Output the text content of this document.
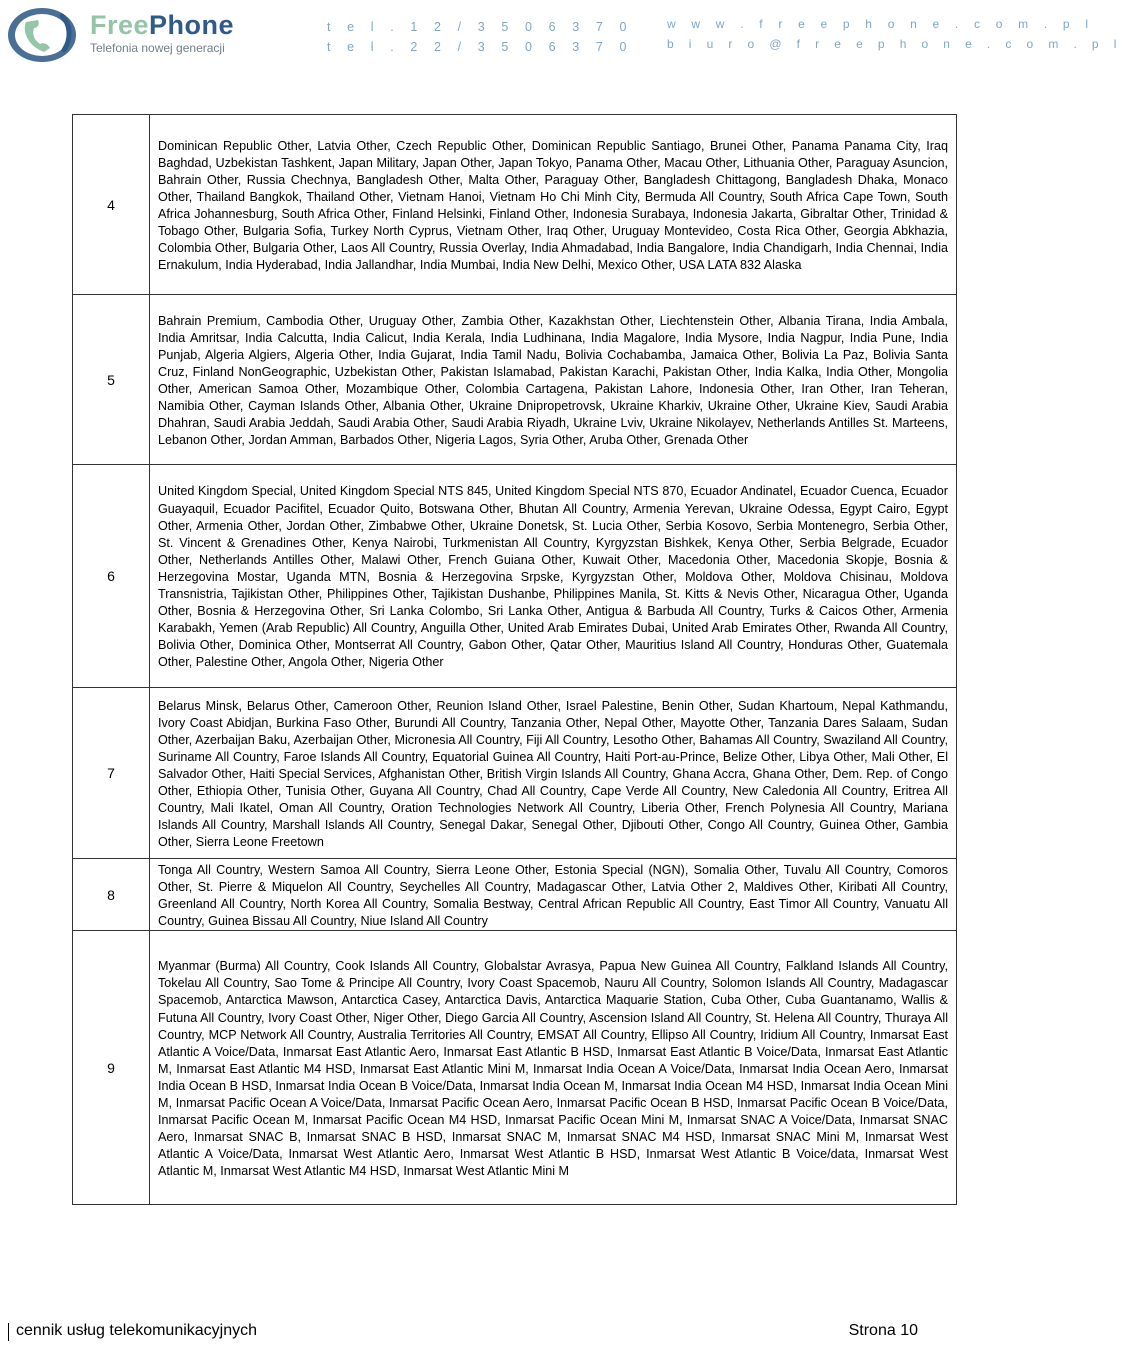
FreePhone
Telefonia nowej generacji
t e l . 1 2 / 3 5 0 6 3 7 0
t e l . 2 2 / 3 5 0 6 3 7 0
w w w . f r e e p h o n e . c o m . p l
b i u r o @ f r e e p h o n e . c o m . p l
4	Dominican Republic Other, Latvia Other, Czech Republic Other, Dominican Republic Santiago, Brunei Other, Panama Panama City, Iraq Baghdad, Uzbekistan Tashkent, Japan Military, Japan Other, Japan Tokyo, Panama Other, Macau Other, Lithuania Other, Paraguay Asuncion, Bahrain Other, Russia Chechnya, Bangladesh Other, Malta Other, Paraguay Other, Bangladesh Chittagong, Bangladesh Dhaka, Monaco Other, Thailand Bangkok, Thailand Other, Vietnam Hanoi, Vietnam Ho Chi Minh City, Bermuda All Country, South Africa Cape Town, South Africa Johannesburg, South Africa Other, Finland Helsinki, Finland Other, Indonesia Surabaya, Indonesia Jakarta, Gibraltar Other, Trinidad & Tobago Other, Bulgaria Sofia, Turkey North Cyprus, Vietnam Other, Iraq Other, Uruguay Montevideo, Costa Rica Other, Georgia Abkhazia, Colombia Other, Bulgaria Other, Laos All Country, Russia Overlay, India Ahmadabad, India Bangalore, India Chandigarh, India Chennai, India Ernakulum, India Hyderabad, India Jallandhar, India Mumbai, India New Delhi, Mexico Other, USA LATA 832 Alaska
5	Bahrain Premium, Cambodia Other, Uruguay Other, Zambia Other, Kazakhstan Other, Liechtenstein Other, Albania Tirana, India Ambala, India Amritsar, India Calcutta, India Calicut, India Kerala, India Ludhinana, India Magalore, India Mysore, India Nagpur, India Pune, India Punjab, Algeria Algiers, Algeria Other, India Gujarat, India Tamil Nadu, Bolivia Cochabamba, Jamaica Other, Bolivia La Paz, Bolivia Santa Cruz, Finland NonGeographic, Uzbekistan Other, Pakistan Islamabad, Pakistan Karachi, Pakistan Other, India Kalka, India Other, Mongolia Other, American Samoa Other, Mozambique Other, Colombia Cartagena, Pakistan Lahore, Indonesia Other, Iran Other, Iran Teheran, Namibia Other, Cayman Islands Other, Albania Other, Ukraine Dnipropetrovsk, Ukraine Kharkiv, Ukraine Other, Ukraine Kiev, Saudi Arabia Dhahran, Saudi Arabia Jeddah, Saudi Arabia Other, Saudi Arabia Riyadh, Ukraine Lviv, Ukraine Nikolayev, Netherlands Antilles St. Marteens, Lebanon Other, Jordan Amman, Barbados Other, Nigeria Lagos, Syria Other, Aruba Other, Grenada Other
6	United Kingdom Special, United Kingdom Special NTS 845, United Kingdom Special NTS 870, Ecuador Andinatel, Ecuador Cuenca, Ecuador Guayaquil, Ecuador Pacifitel, Ecuador Quito, Botswana Other, Bhutan All Country, Armenia Yerevan, Ukraine Odessa, Egypt Cairo, Egypt Other, Armenia Other, Jordan Other, Zimbabwe Other, Ukraine Donetsk, St. Lucia Other, Serbia Kosovo, Serbia Montenegro, Serbia Other, St. Vincent & Grenadines Other, Kenya Nairobi, Turkmenistan All Country, Kyrgyzstan Bishkek, Kenya Other, Serbia Belgrade, Ecuador Other, Netherlands Antilles Other, Malawi Other, French Guiana Other, Kuwait Other, Macedonia Other, Macedonia Skopje, Bosnia & Herzegovina Mostar, Uganda MTN, Bosnia & Herzegovina Srpske, Kyrgyzstan Other, Moldova Other, Moldova Chisinau, Moldova Transnistria, Tajikistan Other, Philippines Other, Tajikistan Dushanbe, Philippines Manila, St. Kitts & Nevis Other, Nicaragua Other, Uganda Other, Bosnia & Herzegovina Other, Sri Lanka Colombo, Sri Lanka Other, Antigua & Barbuda All Country, Turks & Caicos Other, Armenia Karabakh, Yemen (Arab Republic) All Country, Anguilla Other, United Arab Emirates Dubai, United Arab Emirates Other, Rwanda All Country, Bolivia Other, Dominica Other, Montserrat All Country, Gabon Other, Qatar Other, Mauritius Island All Country, Honduras Other, Guatemala Other, Palestine Other, Angola Other, Nigeria Other
7	Belarus Minsk, Belarus Other, Cameroon Other, Reunion Island Other, Israel Palestine, Benin Other, Sudan Khartoum, Nepal Kathmandu, Ivory Coast Abidjan, Burkina Faso Other, Burundi All Country, Tanzania Other, Nepal Other, Mayotte Other, Tanzania Dares Salaam, Sudan Other, Azerbaijan Baku, Azerbaijan Other, Micronesia All Country, Fiji All Country, Lesotho Other, Bahamas All Country, Swaziland All Country, Suriname All Country, Faroe Islands All Country, Equatorial Guinea All Country, Haiti Port-au-Prince, Belize Other, Libya Other, Mali Other, El Salvador Other, Haiti Special Services, Afghanistan Other, British Virgin Islands All Country, Ghana Accra, Ghana Other, Dem. Rep. of Congo Other, Ethiopia Other, Tunisia Other, Guyana All Country, Chad All Country, Cape Verde All Country, New Caledonia All Country, Eritrea All Country, Mali Ikatel, Oman All Country, Oration Technologies Network All Country, Liberia Other, French Polynesia All Country, Mariana Islands All Country, Marshall Islands All Country, Senegal Dakar, Senegal Other, Djibouti Other, Congo All Country, Guinea Other, Gambia Other, Sierra Leone Freetown
8	Tonga All Country, Western Samoa All Country, Sierra Leone Other, Estonia Special (NGN), Somalia Other, Tuvalu All Country, Comoros Other, St. Pierre & Miquelon All Country, Seychelles All Country, Madagascar Other, Latvia Other 2, Maldives Other, Kiribati All Country, Greenland All Country, North Korea All Country, Somalia Bestway, Central African Republic All Country, East Timor All Country, Vanuatu All Country, Guinea Bissau All Country, Niue Island All Country
9	Myanmar (Burma) All Country, Cook Islands All Country, Globalstar Avrasya, Papua New Guinea All Country, Falkland Islands All Country, Tokelau All Country, Sao Tome & Principe All Country, Ivory Coast Spacemob, Nauru All Country, Solomon Islands All Country, Madagascar Spacemob, Antarctica Mawson, Antarctica Casey, Antarctica Davis, Antarctica Maquarie Station, Cuba Other, Cuba Guantanamo, Wallis & Futuna All Country, Ivory Coast Other, Niger Other, Diego Garcia All Country, Ascension Island All Country, St. Helena All Country, Thuraya All Country, MCP Network All Country, Australia Territories All Country, EMSAT All Country, Ellipso All Country, Iridium All Country, Inmarsat East Atlantic A Voice/Data, Inmarsat East Atlantic Aero, Inmarsat East Atlantic B HSD, Inmarsat East Atlantic B Voice/Data, Inmarsat East Atlantic M, Inmarsat East Atlantic M4 HSD, Inmarsat East Atlantic Mini M, Inmarsat India Ocean A Voice/Data, Inmarsat India Ocean Aero, Inmarsat India Ocean B HSD, Inmarsat India Ocean B Voice/Data, Inmarsat India Ocean M, Inmarsat India Ocean M4 HSD, Inmarsat India Ocean Mini M, Inmarsat Pacific Ocean A Voice/Data, Inmarsat Pacific Ocean Aero, Inmarsat Pacific Ocean B HSD, Inmarsat Pacific Ocean B Voice/Data, Inmarsat Pacific Ocean M, Inmarsat Pacific Ocean M4 HSD, Inmarsat Pacific Ocean Mini M, Inmarsat SNAC A Voice/Data, Inmarsat SNAC Aero, Inmarsat SNAC B, Inmarsat SNAC B HSD, Inmarsat SNAC M, Inmarsat SNAC M4 HSD, Inmarsat SNAC Mini M, Inmarsat West Atlantic A Voice/Data, Inmarsat West Atlantic Aero, Inmarsat West Atlantic B HSD, Inmarsat West Atlantic B Voice/data, Inmarsat West Atlantic M, Inmarsat West Atlantic M4 HSD, Inmarsat West Atlantic Mini M
cennik usług telekomunikacyjnych	Strona 10
